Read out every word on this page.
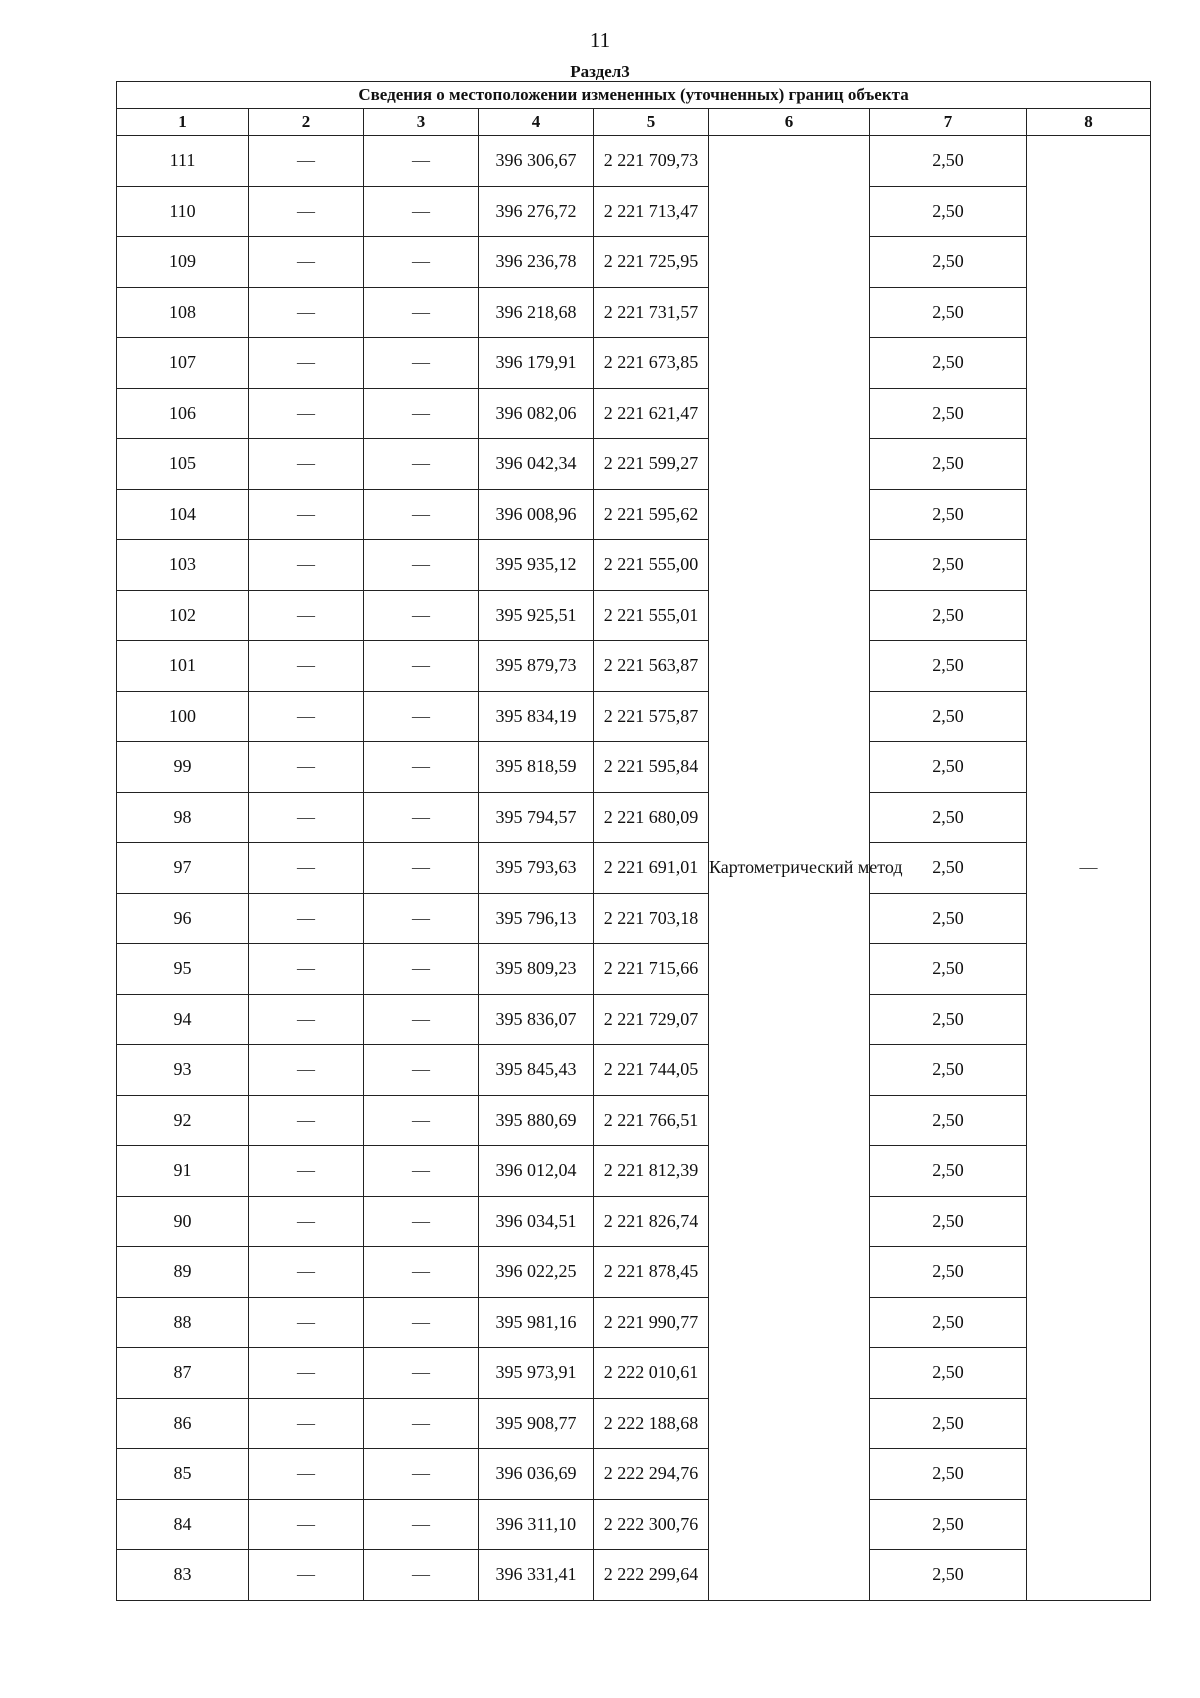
11
Раздел3
Сведения о местоположении измененных (уточненных) границ объекта							
1	2	3	4	5	6	7	8
111	—	—	396 306,67	2 221 709,73	Картометрический метод	2,50	—
110	—	—	396 276,72	2 221 713,47		2,50	
109	—	—	396 236,78	2 221 725,95		2,50	
108	—	—	396 218,68	2 221 731,57		2,50	
107	—	—	396 179,91	2 221 673,85		2,50	
106	—	—	396 082,06	2 221 621,47		2,50	
105	—	—	396 042,34	2 221 599,27		2,50	
104	—	—	396 008,96	2 221 595,62		2,50	
103	—	—	395 935,12	2 221 555,00		2,50	
102	—	—	395 925,51	2 221 555,01		2,50	
101	—	—	395 879,73	2 221 563,87		2,50	
100	—	—	395 834,19	2 221 575,87		2,50	
99	—	—	395 818,59	2 221 595,84		2,50	
98	—	—	395 794,57	2 221 680,09		2,50	
97	—	—	395 793,63	2 221 691,01		2,50	
96	—	—	395 796,13	2 221 703,18		2,50	
95	—	—	395 809,23	2 221 715,66		2,50	
94	—	—	395 836,07	2 221 729,07		2,50	
93	—	—	395 845,43	2 221 744,05		2,50	
92	—	—	395 880,69	2 221 766,51		2,50	
91	—	—	396 012,04	2 221 812,39		2,50	
90	—	—	396 034,51	2 221 826,74		2,50	
89	—	—	396 022,25	2 221 878,45		2,50	
88	—	—	395 981,16	2 221 990,77		2,50	
87	—	—	395 973,91	2 222 010,61		2,50	
86	—	—	395 908,77	2 222 188,68		2,50	
85	—	—	396 036,69	2 222 294,76		2,50	
84	—	—	396 311,10	2 222 300,76		2,50	
83	—	—	396 331,41	2 222 299,64		2,50	
